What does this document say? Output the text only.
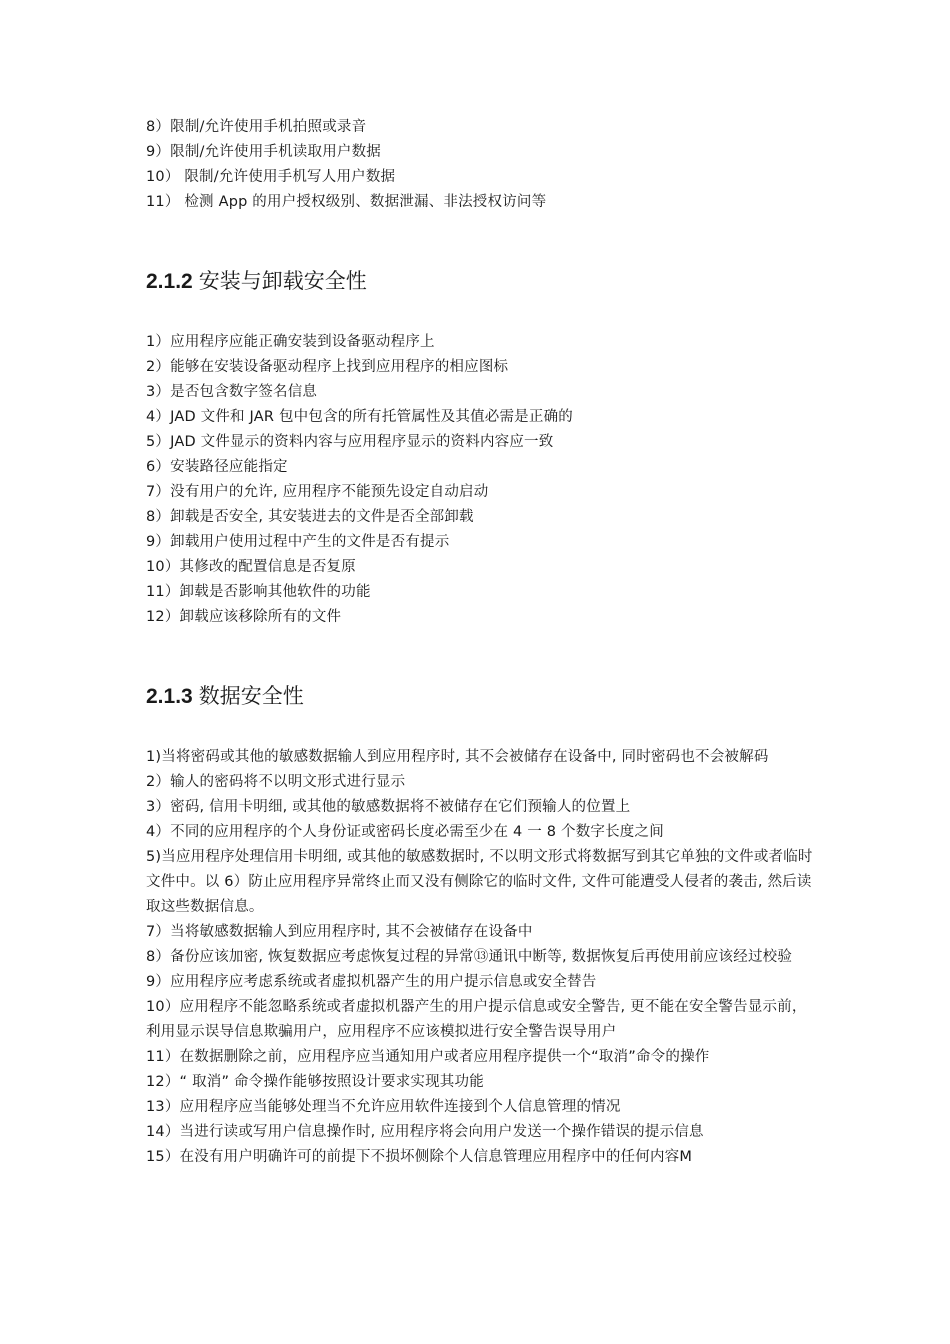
8）限制/允许使用手机拍照或录音
9）限制/允许使用手机读取用户数据
10） 限制/允许使用手机写人用户数据
11） 检测 App 的用户授权级别、数据泄漏、非法授权访问等
2.1.2 安装与卸载安全性
1）应用程序应能正确安装到设备驱动程序上
2）能够在安装设备驱动程序上找到应用程序的相应图标
3）是否包含数字签名信息
4）JAD 文件和 JAR 包中包含的所有托管属性及其值必需是正确的
5）JAD 文件显示的资料内容与应用程序显示的资料内容应一致
6）安装路径应能指定
7）没有用户的允许, 应用程序不能预先设定自动启动
8）卸载是否安全, 其安装进去的文件是否全部卸载
9）卸载用户使用过程中产生的文件是否有提示
10）其修改的配置信息是否复原
11）卸载是否影响其他软件的功能
12）卸载应该移除所有的文件
2.1.3 数据安全性
1)当将密码或其他的敏感数据输人到应用程序时, 其不会被储存在设备中, 同时密码也不会被解码
2）输人的密码将不以明文形式进行显示
3）密码, 信用卡明细, 或其他的敏感数据将不被储存在它们预输人的位置上
4）不同的应用程序的个人身份证或密码长度必需至少在 4 一 8 个数字长度之间
5)当应用程序处理信用卡明细, 或其他的敏感数据时, 不以明文形式将数据写到其它单独的文件或者临时文件中。以 6）防止应用程序异常终止而又没有侧除它的临时文件, 文件可能遭受人侵者的袭击, 然后读取这些数据信息。
7）当将敏感数据输人到应用程序时, 其不会被储存在设备中
8）备份应该加密, 恢复数据应考虑恢复过程的异常⑬通讯中断等, 数据恢复后再使用前应该经过校验
9）应用程序应考虑系统或者虚拟机器产生的用户提示信息或安全替告
10）应用程序不能忽略系统或者虚拟机器产生的用户提示信息或安全警告, 更不能在安全警告显示前，利用显示误导信息欺骗用户，应用程序不应该模拟进行安全警告误导用户
11）在数据删除之前，应用程序应当通知用户或者应用程序提供一个“取消”命令的操作
12）“ 取消” 命令操作能够按照设计要求实现其功能
13）应用程序应当能够处理当不允许应用软件连接到个人信息管理的情况
14）当进行读或写用户信息操作时, 应用程序将会向用户发送一个操作错误的提示信息
15）在没有用户明确许可的前提下不损坏侧除个人信息管理应用程序中的任何内容M
